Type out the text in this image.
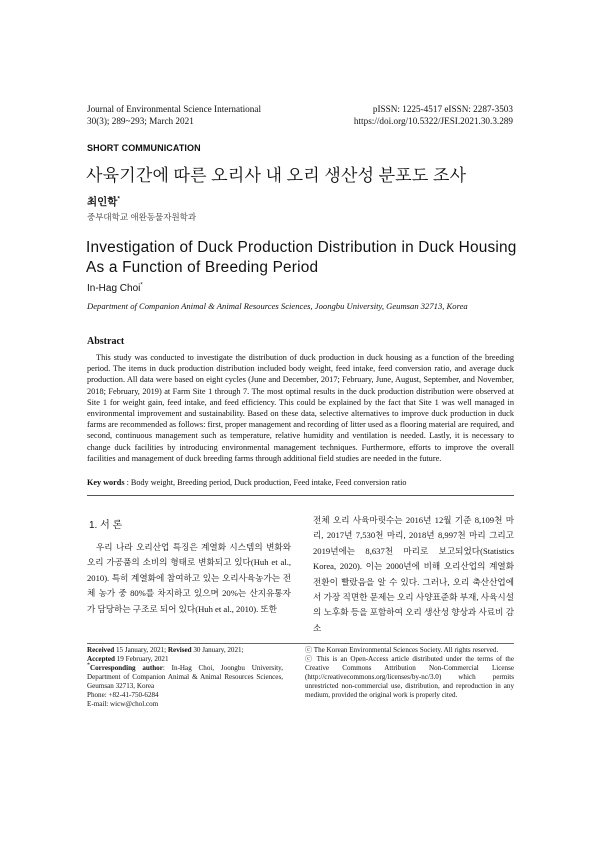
Journal of Environmental Science International
30(3); 289~293; March 2021
pISSN: 1225-4517 eISSN: 2287-3503
https://doi.org/10.5322/JESI.2021.30.3.289
SHORT COMMUNICATION
사육기간에 따른 오리사 내 오리 생산성 분포도 조사
최인학*
중부대학교 애완동물자원학과
Investigation of Duck Production Distribution in Duck Housing As a Function of Breeding Period
In-Hag Choi*
Department of Companion Animal & Animal Resources Sciences, Joongbu University, Geumsan 32713, Korea
Abstract
This study was conducted to investigate the distribution of duck production in duck housing as a function of the breeding period. The items in duck production distribution included body weight, feed intake, feed conversion ratio, and average duck production. All data were based on eight cycles (June and December, 2017; February, June, August, September, and November, 2018; February, 2019) at Farm Site 1 through 7. The most optimal results in the duck production distribution were observed at Site 1 for weight gain, feed intake, and feed efficiency. This could be explained by the fact that Site 1 was well managed in environmental improvement and sustainability. Based on these data, selective alternatives to improve duck production in duck farms are recommended as follows: first, proper management and recording of litter used as a flooring material are required, and second, continuous management such as temperature, relative humidity and ventilation is needed. Lastly, it is necessary to change duck facilities by introducing environmental management techniques. Furthermore, efforts to improve the overall facilities and management of duck breeding farms through additional field studies are needed in the future.
Key words : Body weight, Breeding period, Duck production, Feed intake, Feed conversion ratio
1. 서 론
우리 나라 오리산업 특징은 계열화 시스템의 변화와 오리 가공품의 소비의 형태로 변화되고 있다(Huh et al., 2010). 특히 계열화에 참여하고 있는 오리사육농가는 전체 농가 중 80%를 차지하고 있으며 20%는 산지유통자가 담당하는 구조로 되어 있다(Huh et al., 2010). 또한
전체 오리 사육마릿수는 2016년 12월 기준 8,109천 마리, 2017년 7,530천 마리, 2018년 8,997천 마리 그리고 2019년에는 8,637천 마리로 보고되었다(Statistics Korea, 2020). 이는 2000년에 비해 오리산업의 계열화 전환이 빨랐음을 알 수 있다. 그러나, 오리 축산산업에서 가장 직면한 문제는 오리 사양표준화 부재, 사육시설의 노후화 등을 포함하여 오리 생산성 향상과 사료비 감소
Received 15 January, 2021; Revised 30 January, 2021;
Accepted 19 February, 2021
*Corresponding author: In-Hag Choi, Joongbu University, Department of Companion Animal & Animal Resources Sciences, Geumsan 32713, Korea
Phone: +82-41-750-6284
E-mail: wicw@chol.com
ⓒ The Korean Environmental Sciences Society. All rights reserved.
ⓒ This is an Open-Access article distributed under the terms of the Creative Commons Attribution Non-Commercial License (http://creativecommons.org/licenses/by-nc/3.0) which permits unrestricted non-commercial use, distribution, and reproduction in any medium, provided the original work is properly cited.
